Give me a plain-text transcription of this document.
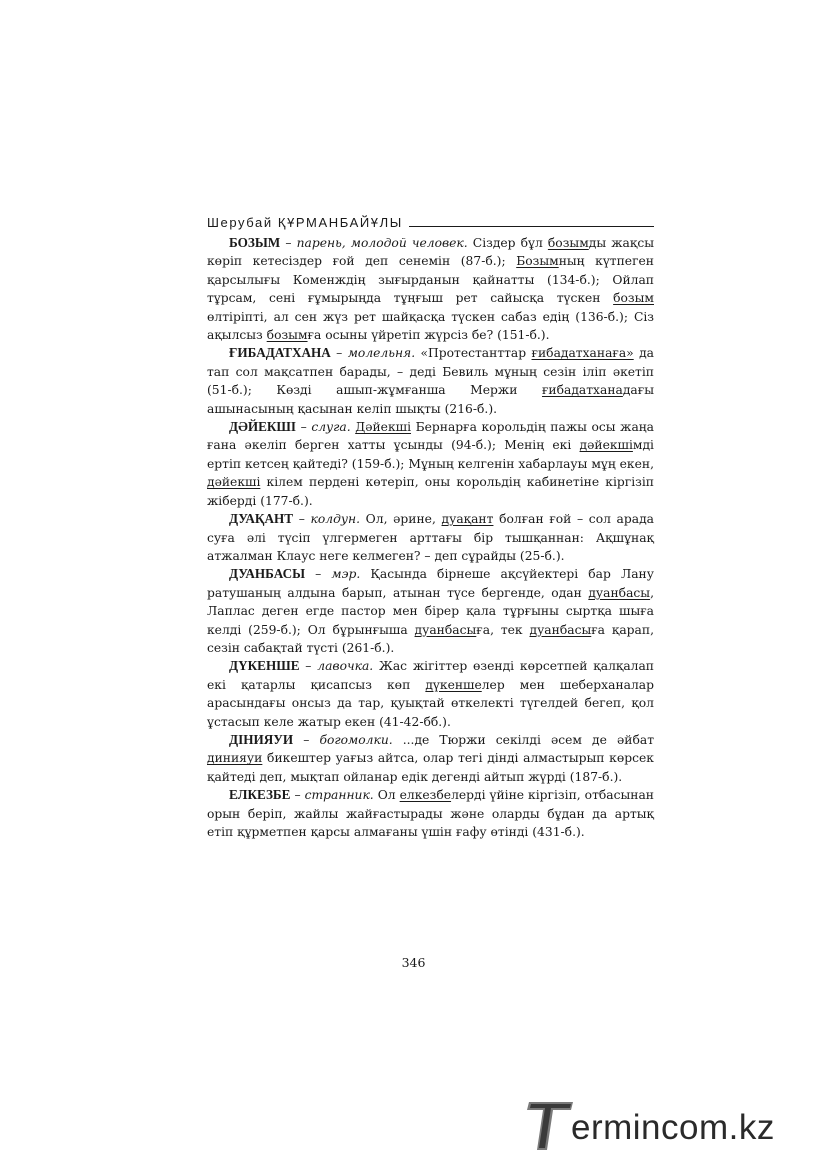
Шерубай ҚҰРМАНБАЙҰЛЫ

БОЗЫМ – парень, молодой человек. Сіздер бұл бозымды жақсы көріп кетесіздер ғой деп сенемін (87-б.); Бозымның күтпеген қарсылығы Коменждің зығырданын қайнатты (134-б.); Ойлап тұрсам, сені ғұмырыңда тұңғыш рет сайысқа түскен бозым өлтіріпті, ал сен жүз рет шайқасқа түскен сабаз едің (136-б.); Сіз ақылсыз бозымға осыны үйретіп жүрсіз бе? (151-б.).

ҒИБАДАТХАНА – молельня. «Протестанттар ғибадатханаға» да тап сол мақсатпен барады, – деді Бевиль мұның сезін іліп әкетіп (51-б.); Көзді ашып-жұмғанша Мержи ғибадатханадағы ашынасының қасынан келіп шықты (216-б.).

ДӘЙЕКШІ – слуга. Дәйекші Бернарға корольдің пажы осы жаңа ғана әкеліп берген хатты ұсынды (94-б.); Менің екі дәйекшімді ертіп кетсең қайтеді? (159-б.); Мұның келгенін хабарлауы мұң екен, дәйекші кілем пердені көтеріп, оны корольдің кабинетіне кіргізіп жіберді (177-б.).

ДУАҚАНТ – колдун. Ол, әрине, дуақант болған ғой – сол арада суға әлі түсіп үлгермеген арттағы бір тышқаннан: Ақшұнақ атжалман Клаус неге келмеген? – деп сұрайды (25-б.).

ДУАНБАСЫ – мэр. Қасында бірнеше ақсүйектері бар Лану ратушаның алдына барып, атынан түсе бергенде, одан дуанбасы, Лаплас деген егде пастор мен бірер қала тұрғыны сыртқа шыға келді (259-б.); Ол бұрынғыша дуанбасыға, тек дуанбасыға қарап, сезін сабақтай түсті (261-б.).

ДҮКЕНШЕ – лавочка. Жас жігіттер өзенді көрсетпей қалқалап екі қатарлы қисапсыз көп дүкеншелер мен шеберханалар арасындағы онсыз да тар, қуықтай өткелекті түгелдей бегеп, қол ұстасып келе жатыр екен (41-42-бб.).

ДІНИЯУИ – богомолки. ...де Тюржи секілді әсем де әйбат динияуи бикештер уағыз айтса, олар тегі дінді алмастырып көрсек қайтеді деп, мықтап ойланар едік дегенді айтып жүрді (187-б.).

ЕЛКЕЗБЕ – странник. Ол елкезбелерді үйіне кіргізіп, отбасынан орын беріп, жайлы жайғастырады және оларды бұдан да артық етіп құрметпен қарсы алмағаны үшін ғафу өтінді (431-б.).

346
ermincom.kz
